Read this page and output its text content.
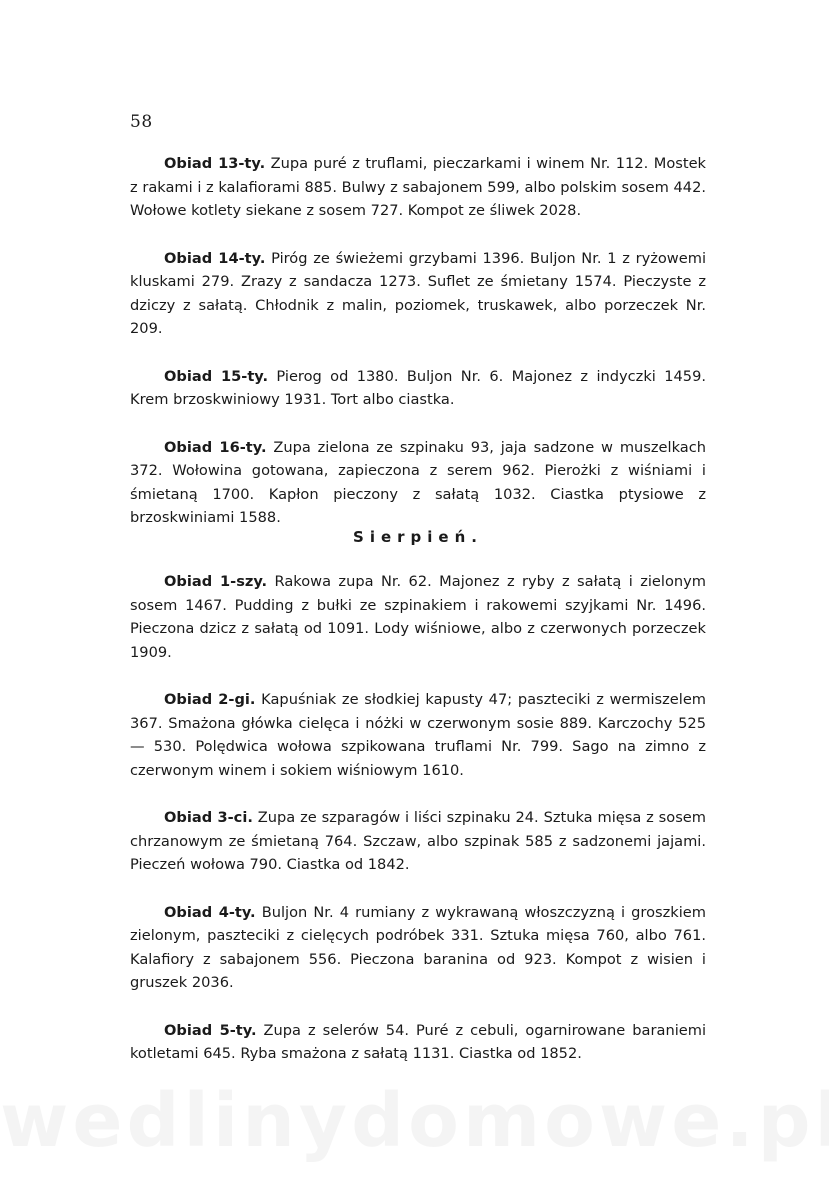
58

Obiad 13-ty. Zupa puré z truflami, pieczarkami i winem Nr. 112. Mostek z rakami i z kalafiorami 885. Bulwy z sabajonem 599, albo polskim sosem 442. Wołowe kotlety siekane z sosem 727. Kompot ze śliwek 2028.

Obiad 14-ty. Piróg ze świeżemi grzybami 1396. Buljon Nr. 1 z ryżowemi kluskami 279. Zrazy z sandacza 1273. Suflet ze śmietany 1574. Pieczyste z dziczy z sałatą. Chłodnik z malin, poziomek, truskawek, albo porzeczek Nr. 209.

Obiad 15-ty. Pierog od 1380. Buljon Nr. 6. Majonez z indyczki 1459. Krem brzoskwiniowy 1931. Tort albo ciastka.

Obiad 16-ty. Zupa zielona ze szpinaku 93, jaja sadzone w muszelkach 372. Wołowina gotowana, zapieczona z serem 962. Pierożki z wiśniami i śmietaną 1700. Kapłon pieczony z sałatą 1032. Ciastka ptysiowe z brzoskwiniami 1588.

Sierpień.

Obiad 1-szy. Rakowa zupa Nr. 62. Majonez z ryby z sałatą i zielonym sosem 1467. Pudding z bułki ze szpinakiem i rakowemi szyjkami Nr. 1496. Pieczona dzicz z sałatą od 1091. Lody wiśniowe, albo z czerwonych porzeczek 1909.

Obiad 2-gi. Kapuśniak ze słodkiej kapusty 47; paszteciki z wermiszelem 367. Smażona główka cielęca i nóżki w czerwonym sosie 889. Karczochy 525 — 530. Polędwica wołowa szpikowana truflami Nr. 799. Sago na zimno z czerwonym winem i sokiem wiśniowym 1610.

Obiad 3-ci. Zupa ze szparagów i liści szpinaku 24. Sztuka mięsa z sosem chrzanowym ze śmietaną 764. Szczaw, albo szpinak 585 z sadzonemi jajami. Pieczeń wołowa 790. Ciastka od 1842.

Obiad 4-ty. Buljon Nr. 4 rumiany z wykrawaną włoszczyzną i groszkiem zielonym, paszteciki z cielęcych podróbek 331. Sztuka mięsa 760, albo 761. Kalafiory z sabajonem 556. Pieczona baranina od 923. Kompot z wisien i gruszek 2036.

Obiad 5-ty. Zupa z selerów 54. Puré z cebuli, ogarnirowane baraniemi kotletami 645. Ryba smażona z sałatą 1131. Ciastka od 1852.
